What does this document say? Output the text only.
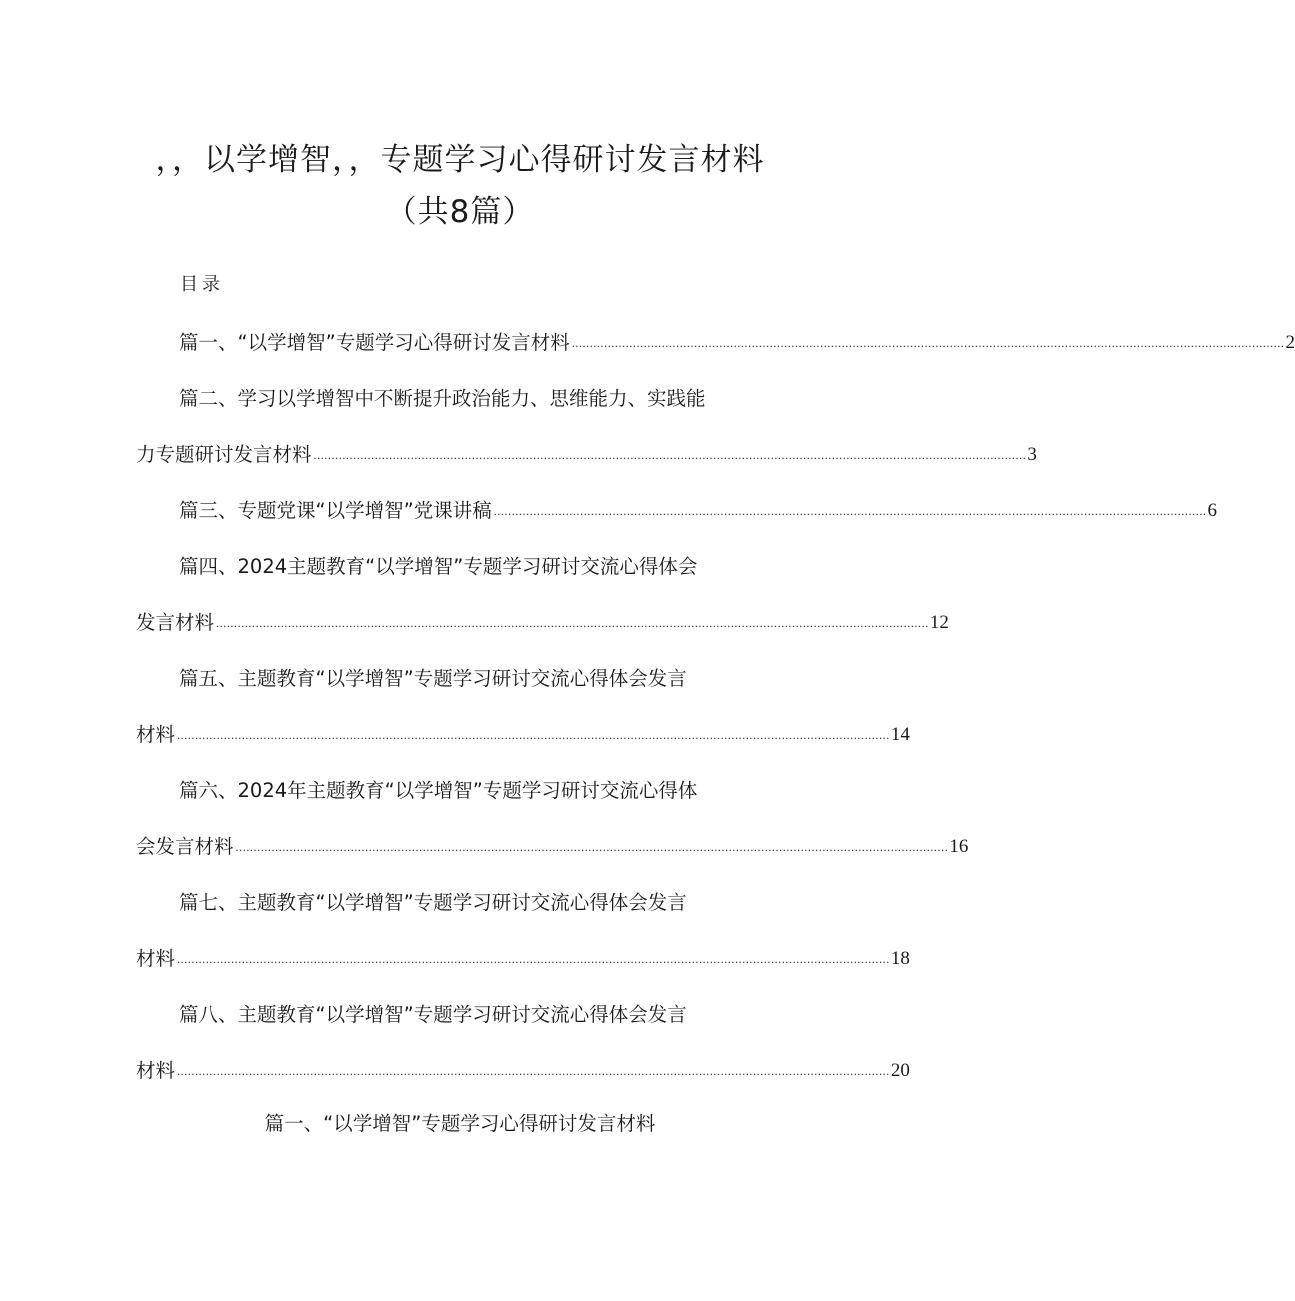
，，以学增智，，专题学习心得研讨发言材料
（共8篇）
目录
篇一、“以学增智”专题学习心得研讨发言材料 ...................................................................................................................................................................................................... 2
篇二、学习以学增智中不断提升政治能力、思维能力、实践能
力专题研讨发言材料 ...................................................................................................................................................................................................... 3
篇三、专题党课“以学增智”党课讲稿 ...................................................................................................................................................................................................... 6
篇四、2024主题教育“以学增智”专题学习研讨交流心得体会
发言材料 ...................................................................................................................................................................................................... 12
篇五、主题教育“以学增智”专题学习研讨交流心得体会发言
材料 ...................................................................................................................................................................................................... 14
篇六、2024年主题教育“以学增智”专题学习研讨交流心得体
会发言材料 ...................................................................................................................................................................................................... 16
篇七、主题教育“以学增智”专题学习研讨交流心得体会发言
材料 ...................................................................................................................................................................................................... 18
篇八、主题教育“以学增智”专题学习研讨交流心得体会发言
材料 ...................................................................................................................................................................................................... 20
篇一、“以学增智”专题学习心得研讨发言材料
